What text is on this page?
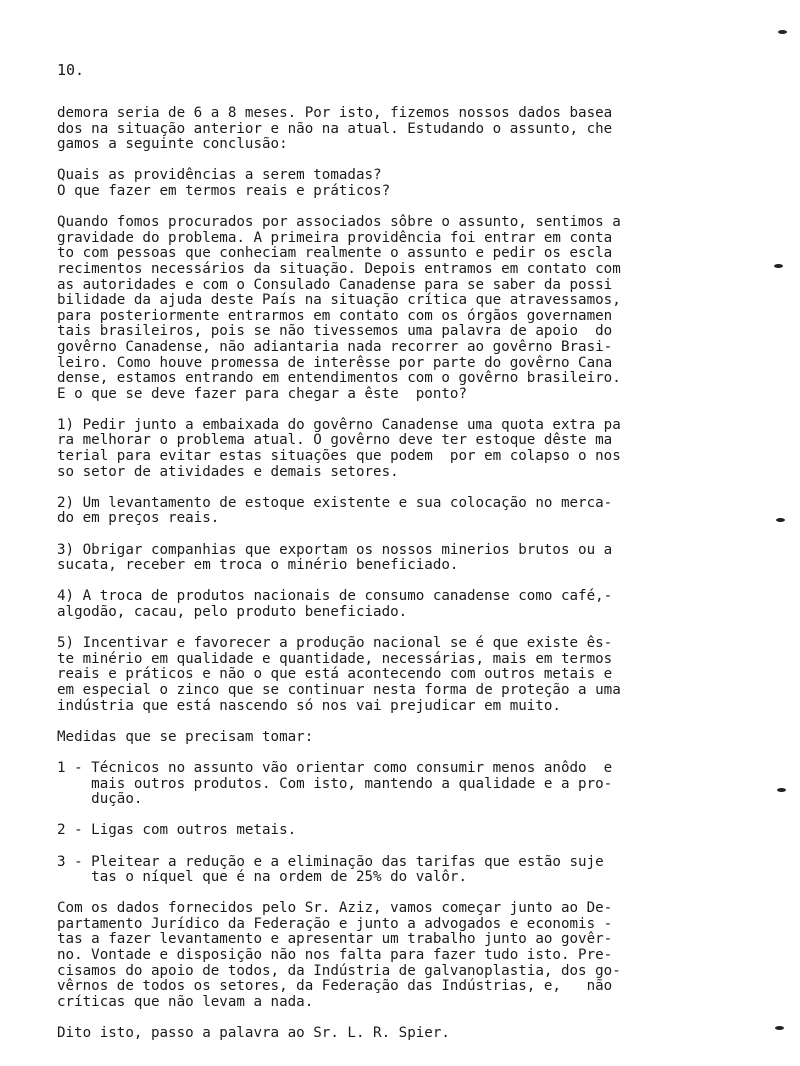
10.
demora seria de 6 a 8 meses. Por isto, fizemos nossos dados basea
dos na situação anterior e não na atual. Estudando o assunto, che
gamos a seguinte conclusão:
Quais as providências a serem tomadas?
O que fazer em termos reais e práticos?
Quando fomos procurados por associados sôbre o assunto, sentimos a
gravidade do problema. A primeira providência foi entrar em conta
to com pessoas que conheciam realmente o assunto e pedir os escla
recimentos necessários da situação. Depois entramos em contato com
as autoridades e com o Consulado Canadense para se saber da possi
bilidade da ajuda deste País na situação crítica que atravessamos,
para posteriormente entrarmos em contato com os órgãos governamen
tais brasileiros, pois se não tivessemos uma palavra de apoio  do
govêrno Canadense, não adiantaria nada recorrer ao govêrno Brasi-
leiro. Como houve promessa de interêsse por parte do govêrno Cana
dense, estamos entrando em entendimentos com o govêrno brasileiro.
E o que se deve fazer para chegar a êste  ponto?
1) Pedir junto a embaixada do govêrno Canadense uma quota extra pa
ra melhorar o problema atual. O govêrno deve ter estoque dêste ma
terial para evitar estas situações que podem  por em colapso o nos
so setor de atividades e demais setores.
2) Um levantamento de estoque existente e sua colocação no merca-
do em preços reais.
3) Obrigar companhias que exportam os nossos minerios brutos ou a
sucata, receber em troca o minério beneficiado.
4) A troca de produtos nacionais de consumo canadense como café,-
algodão, cacau, pelo produto beneficiado.
5) Incentivar e favorecer a produção nacional se é que existe ês-
te minério em qualidade e quantidade, necessárias, mais em termos
reais e práticos e não o que está acontecendo com outros metais e
em especial o zinco que se continuar nesta forma de proteção a uma
indústria que está nascendo só nos vai prejudicar em muito.
Medidas que se precisam tomar:
1 - Técnicos no assunto vão orientar como consumir menos anôdo  e
mais outros produtos. Com isto, mantendo a qualidade e a pro-
dução.
2 - Ligas com outros metais.
3 - Pleitear a redução e a eliminação das tarifas que estão suje
tas o níquel que é na ordem de 25% do valôr.
Com os dados fornecidos pelo Sr. Aziz, vamos começar junto ao De-
partamento Jurídico da Federação e junto a advogados e economis -
tas a fazer levantamento e apresentar um trabalho junto ao govêr-
no. Vontade e disposição não nos falta para fazer tudo isto. Pre-
cisamos do apoio de todos, da Indústria de galvanoplastia, dos go-
vêrnos de todos os setores, da Federação das Indústrias, e,   não
críticas que não levam a nada.
Dito isto, passo a palavra ao Sr. L. R. Spier.
